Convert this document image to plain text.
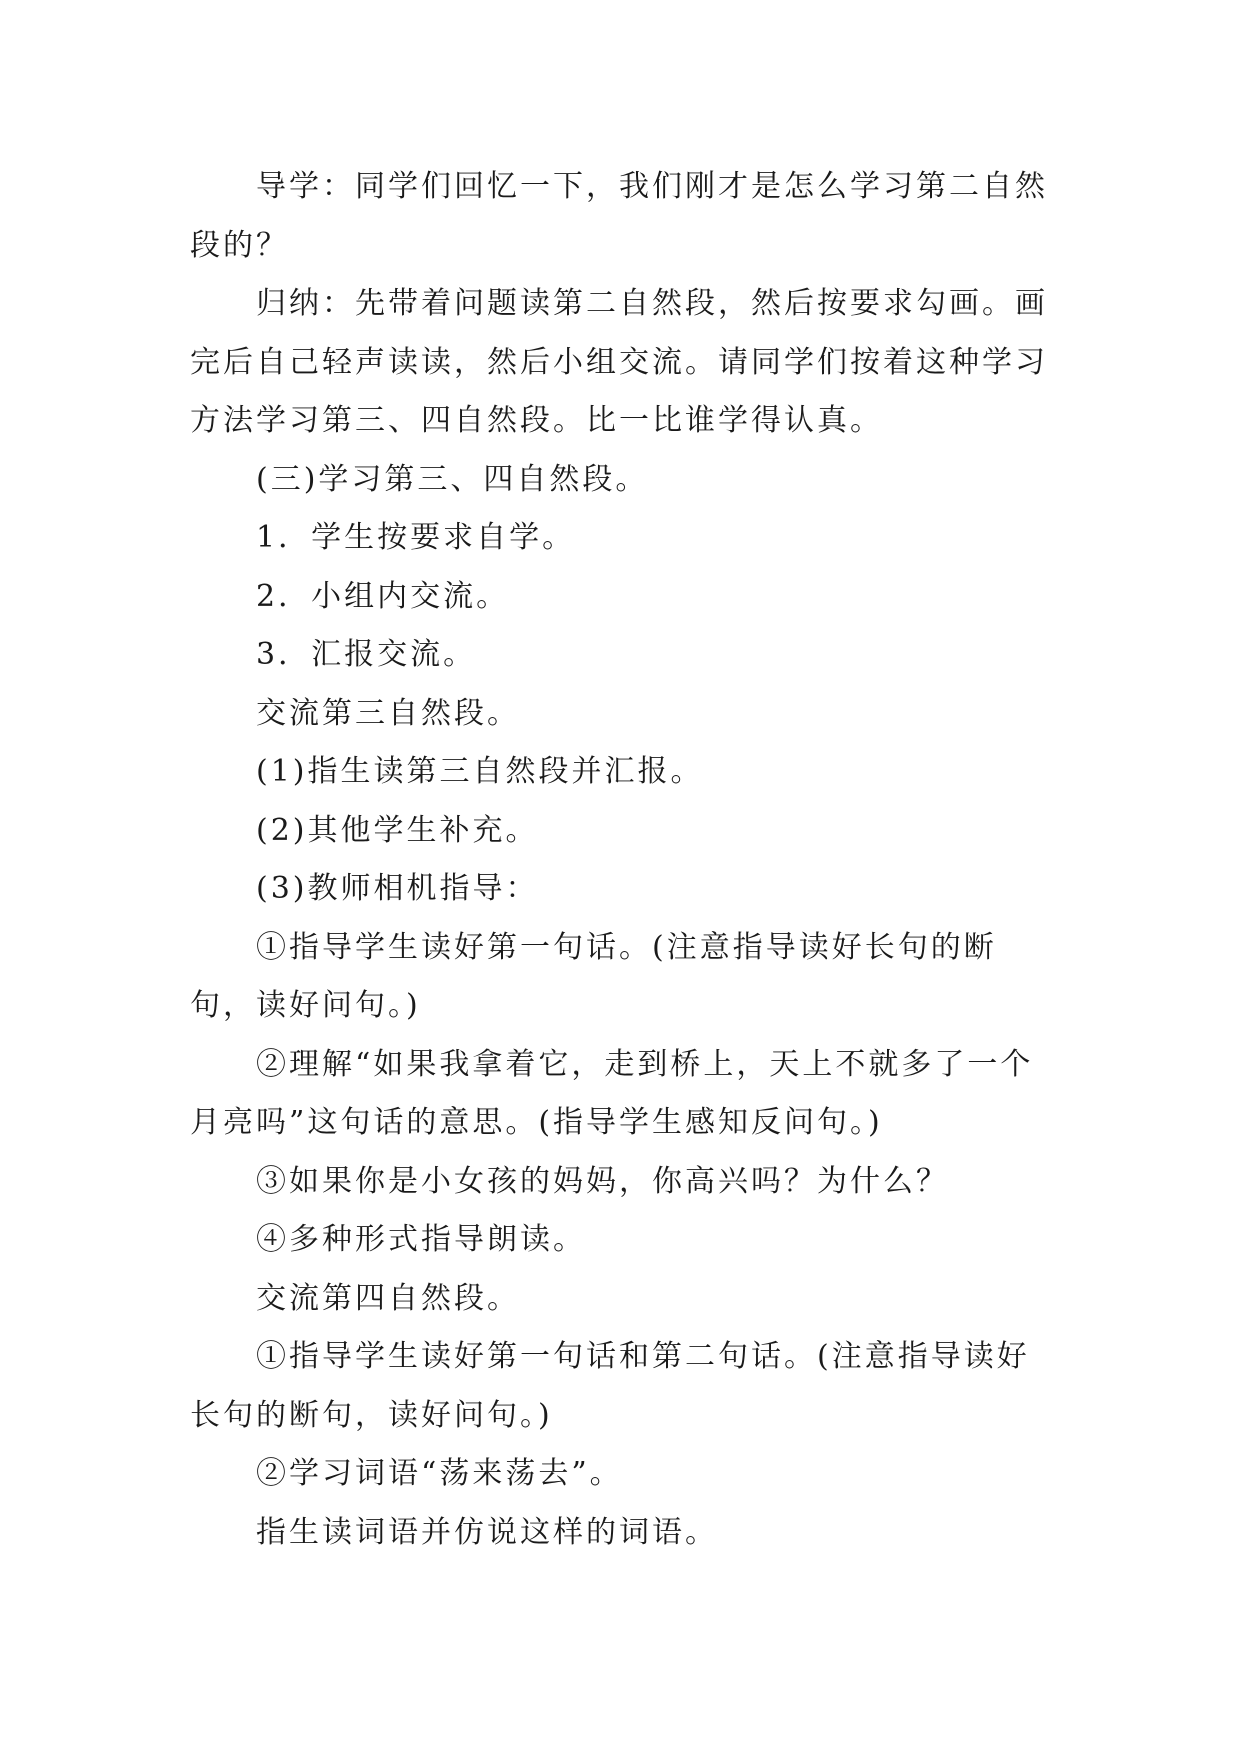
导学：同学们回忆一下，我们刚才是怎么学习第二自然段的？

归纳：先带着问题读第二自然段，然后按要求勾画。画完后自己轻声读读，然后小组交流。请同学们按着这种学习方法学习第三、四自然段。比一比谁学得认真。

(三)学习第三、四自然段。

1．学生按要求自学。

2．小组内交流。

3．汇报交流。

交流第三自然段。

(1)指生读第三自然段并汇报。

(2)其他学生补充。

(3)教师相机指导：

①指导学生读好第一句话。(注意指导读好长句的断句，读好问句。)

②理解“如果我拿着它，走到桥上，天上不就多了一个月亮吗”这句话的意思。(指导学生感知反问句。)

③如果你是小女孩的妈妈，你高兴吗？为什么？

④多种形式指导朗读。

交流第四自然段。

①指导学生读好第一句话和第二句话。(注意指导读好长句的断句，读好问句。)

②学习词语“荡来荡去”。

指生读词语并仿说这样的词语。
